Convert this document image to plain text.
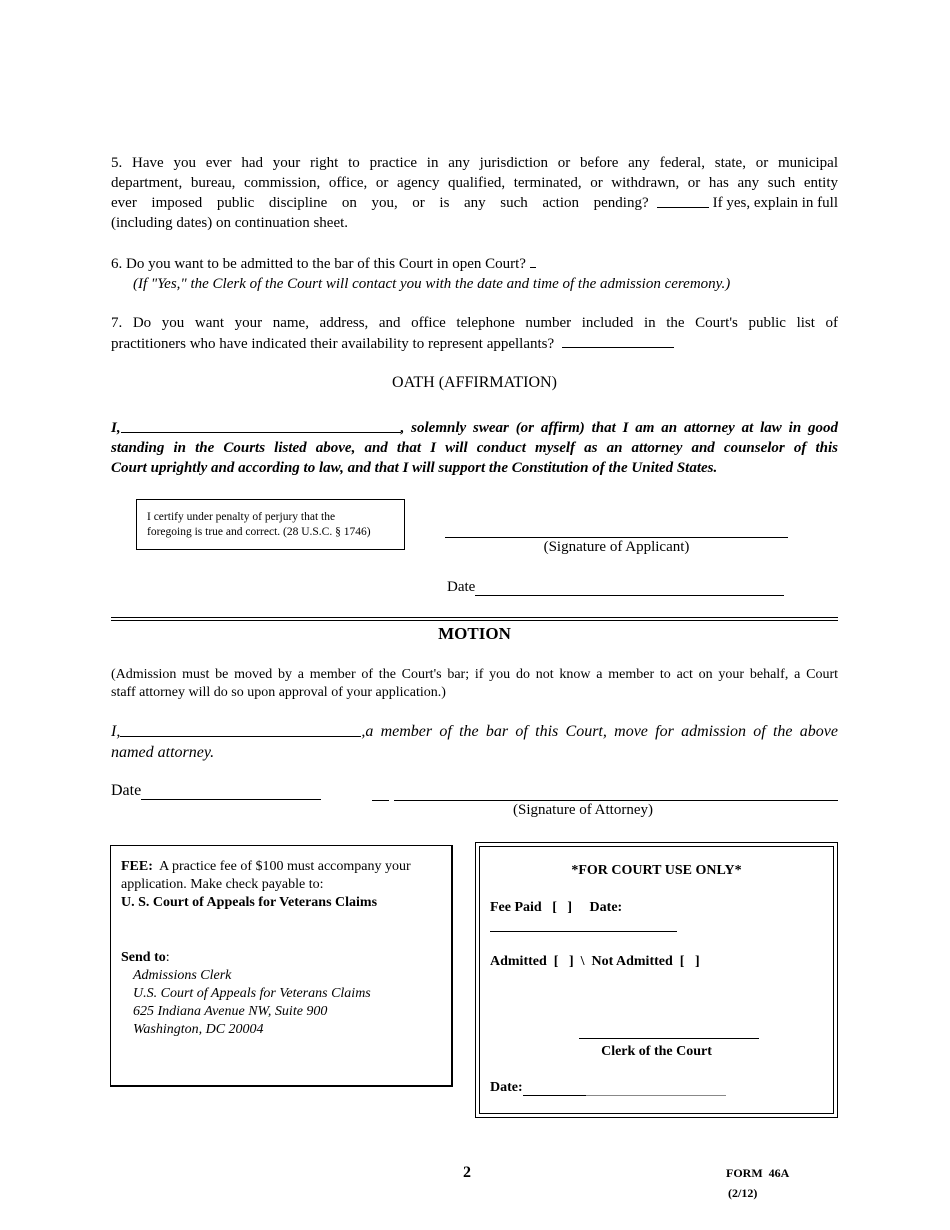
5. Have you ever had your right to practice in any jurisdiction or before any federal, state, or municipal
department, bureau, commission, office, or agency qualified, terminated, or withdrawn, or has any such entity
ever imposed public discipline on you, or is any such action pending?	If yes, explain in full
(including dates) on continuation sheet.
6. Do you want to be admitted to the bar of this Court in open Court?
(If "Yes," the Clerk of the Court will contact you with the date and time of the admission ceremony.)
7. Do you want your name, address, and office telephone number included in the Court's public list of
practitioners who have indicated their availability to represent appellants?
OATH (AFFIRMATION)
I,	, solemnly swear (or affirm) that I am an attorney at law in good
standing in the Courts listed above, and that I will conduct myself as an attorney and counselor of this
Court uprightly and according to law, and that I will support the Constitution of the United States.
I certify under penalty of perjury that the
foregoing is true and correct. (28 U.S.C. § 1746)
(Signature of Applicant)
Date
MOTION
(Admission must be moved by a member of the Court's bar; if you do not know a member to act on your behalf, a Court
staff attorney will do so upon approval of your application.)
I,	,a member of the bar of this Court, move for admission of the above
named attorney.
Date
(Signature of Attorney)
FEE: A practice fee of $100 must accompany your
application. Make check payable to:
U. S. Court of Appeals for Veterans Claims
Send to:
Admissions Clerk
U.S. Court of Appeals for Veterans Claims
625 Indiana Avenue NW, Suite 900
Washington, DC 20004
*FOR COURT USE ONLY*
Fee Paid [   ] Date:
Admitted [   ] \ Not Admitted [   ]
Clerk of the Court
Date:
2	FORM  46A
(2/12)
